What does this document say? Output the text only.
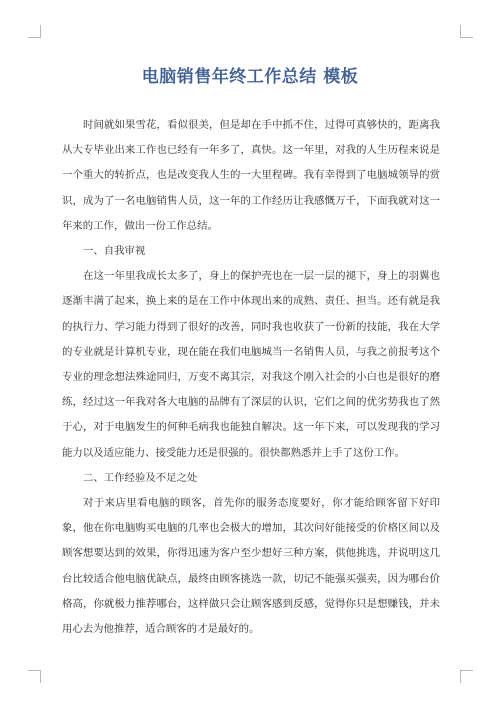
电脑销售年终工作总结 模板

时间就如果雪花，看似很美，但是却在手中抓不住，过得可真够快的，距离我从大专毕业出来工作也已经有一年多了，真快。这一年里，对我的人生历程来说是一个重大的转折点，也是改变我人生的一大里程碑。我有幸得到了电脑城领导的赏识，成为了一名电脑销售人员，这一年的工作经历让我感慨万千，下面我就对这一年来的工作，做出一份工作总结。

一、自我审视

在这一年里我成长太多了，身上的保护壳也在一层一层的褪下，身上的羽翼也逐渐丰满了起来，换上来的是在工作中体现出来的成熟、责任、担当。还有就是我的执行力、学习能力得到了很好的改善，同时我也收获了一份新的技能，我在大学的专业就是计算机专业，现在能在我们电脑城当一名销售人员，与我之前报考这个专业的理念想法殊途同归，万变不离其宗，对我这个刚入社会的小白也是很好的磨练，经过这一年我对各大电脑的品牌有了深层的认识，它们之间的优劣势我也了然于心，对于电脑发生的何种毛病我也能独自解决。这一年下来，可以发现我的学习能力以及适应能力、接受能力还是很强的。很快都熟悉并上手了这份工作。

二、工作经验及不足之处

对于来店里看电脑的顾客，首先你的服务态度要好，你才能给顾客留下好印象，他在你电脑购买电脑的几率也会极大的增加，其次问好能接受的价格区间以及顾客想要达到的效果，你得迅速为客户至少想好三种方案，供他挑选，并说明这几台比较适合他电脑优缺点，最终由顾客挑选一款，切记不能强买强卖，因为哪台价格高，你就极力推荐哪台，这样做只会让顾客感到反感，觉得你只是想赚钱，并未用心去为他推荐，适合顾客的才是最好的。
